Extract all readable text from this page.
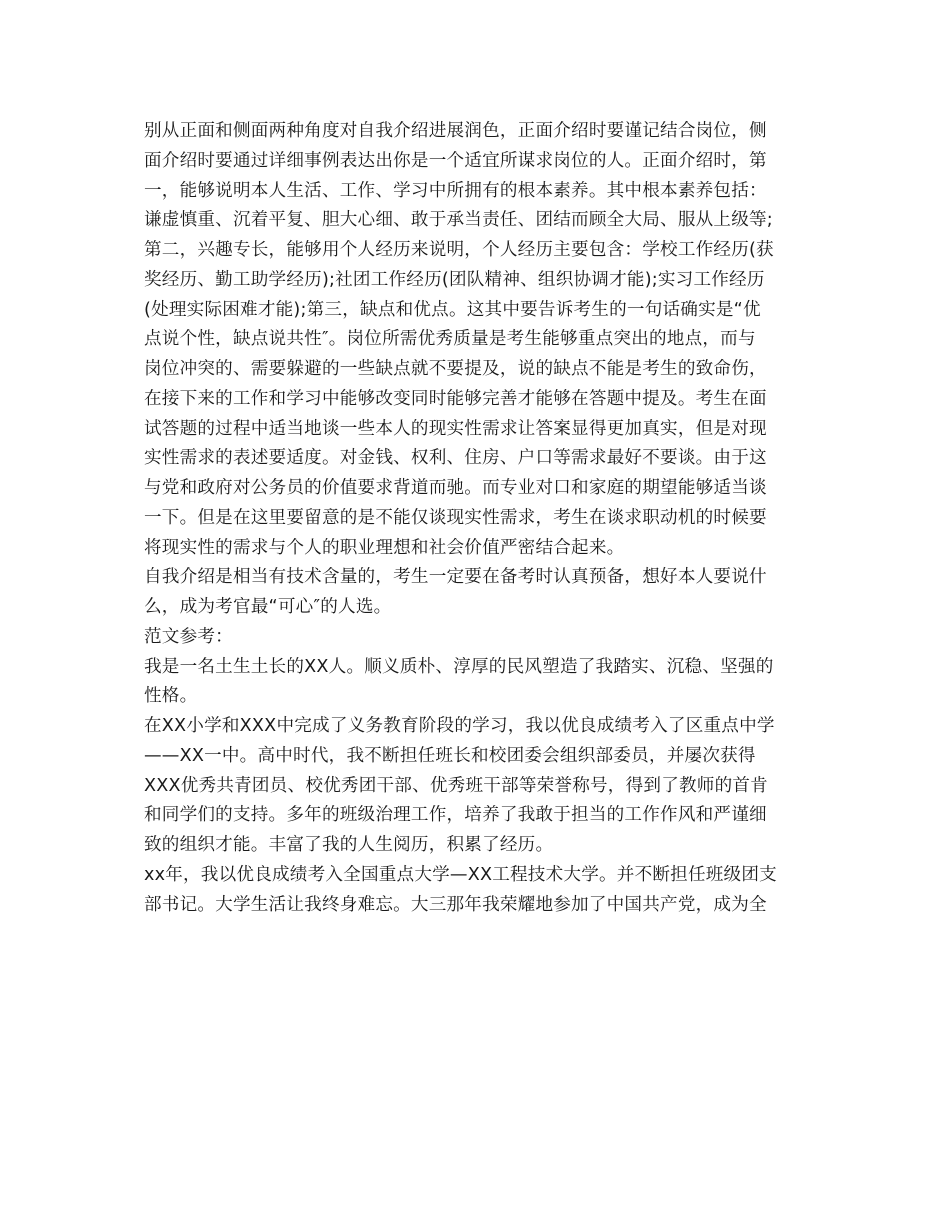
别从正面和侧面两种角度对自我介绍进展润色，正面介绍时要谨记结合岗位，侧
面介绍时要通过详细事例表达出你是一个适宜所谋求岗位的人。正面介绍时，第
一，能够说明本人生活、工作、学习中所拥有的根本素养。其中根本素养包括：
谦虚慎重、沉着平复、胆大心细、敢于承当责任、团结而顾全大局、服从上级等;
第二，兴趣专长，能够用个人经历来说明，个人经历主要包含：学校工作经历(获
奖经历、勤工助学经历);社团工作经历(团队精神、组织协调才能);实习工作经历
(处理实际困难才能);第三，缺点和优点。这其中要告诉考生的一句话确实是“优
点说个性，缺点说共性″。岗位所需优秀质量是考生能够重点突出的地点，而与
岗位冲突的、需要躲避的一些缺点就不要提及，说的缺点不能是考生的致命伤，
在接下来的工作和学习中能够改变同时能够完善才能够在答题中提及。考生在面
试答题的过程中适当地谈一些本人的现实性需求让答案显得更加真实，但是对现
实性需求的表述要适度。对金钱、权利、住房、户口等需求最好不要谈。由于这
与党和政府对公务员的价值要求背道而驰。而专业对口和家庭的期望能够适当谈
一下。但是在这里要留意的是不能仅谈现实性需求，考生在谈求职动机的时候要
将现实性的需求与个人的职业理想和社会价值严密结合起来。
自我介绍是相当有技术含量的，考生一定要在备考时认真预备，想好本人要说什
么，成为考官最“可心″的人选。
范文参考：
我是一名土生土长的XX人。顺义质朴、淳厚的民风塑造了我踏实、沉稳、坚强的
性格。
在XX小学和XXX中完成了义务教育阶段的学习，我以优良成绩考入了区重点中学
——XX一中。高中时代，我不断担任班长和校团委会组织部委员，并屡次获得
XXX优秀共青团员、校优秀团干部、优秀班干部等荣誉称号，得到了教师的首肯
和同学们的支持。多年的班级治理工作，培养了我敢于担当的工作作风和严谨细
致的组织才能。丰富了我的人生阅历，积累了经历。
xx年，我以优良成绩考入全国重点大学—XX工程技术大学。并不断担任班级团支
部书记。大学生活让我终身难忘。大三那年我荣耀地参加了中国共产党，成为全
